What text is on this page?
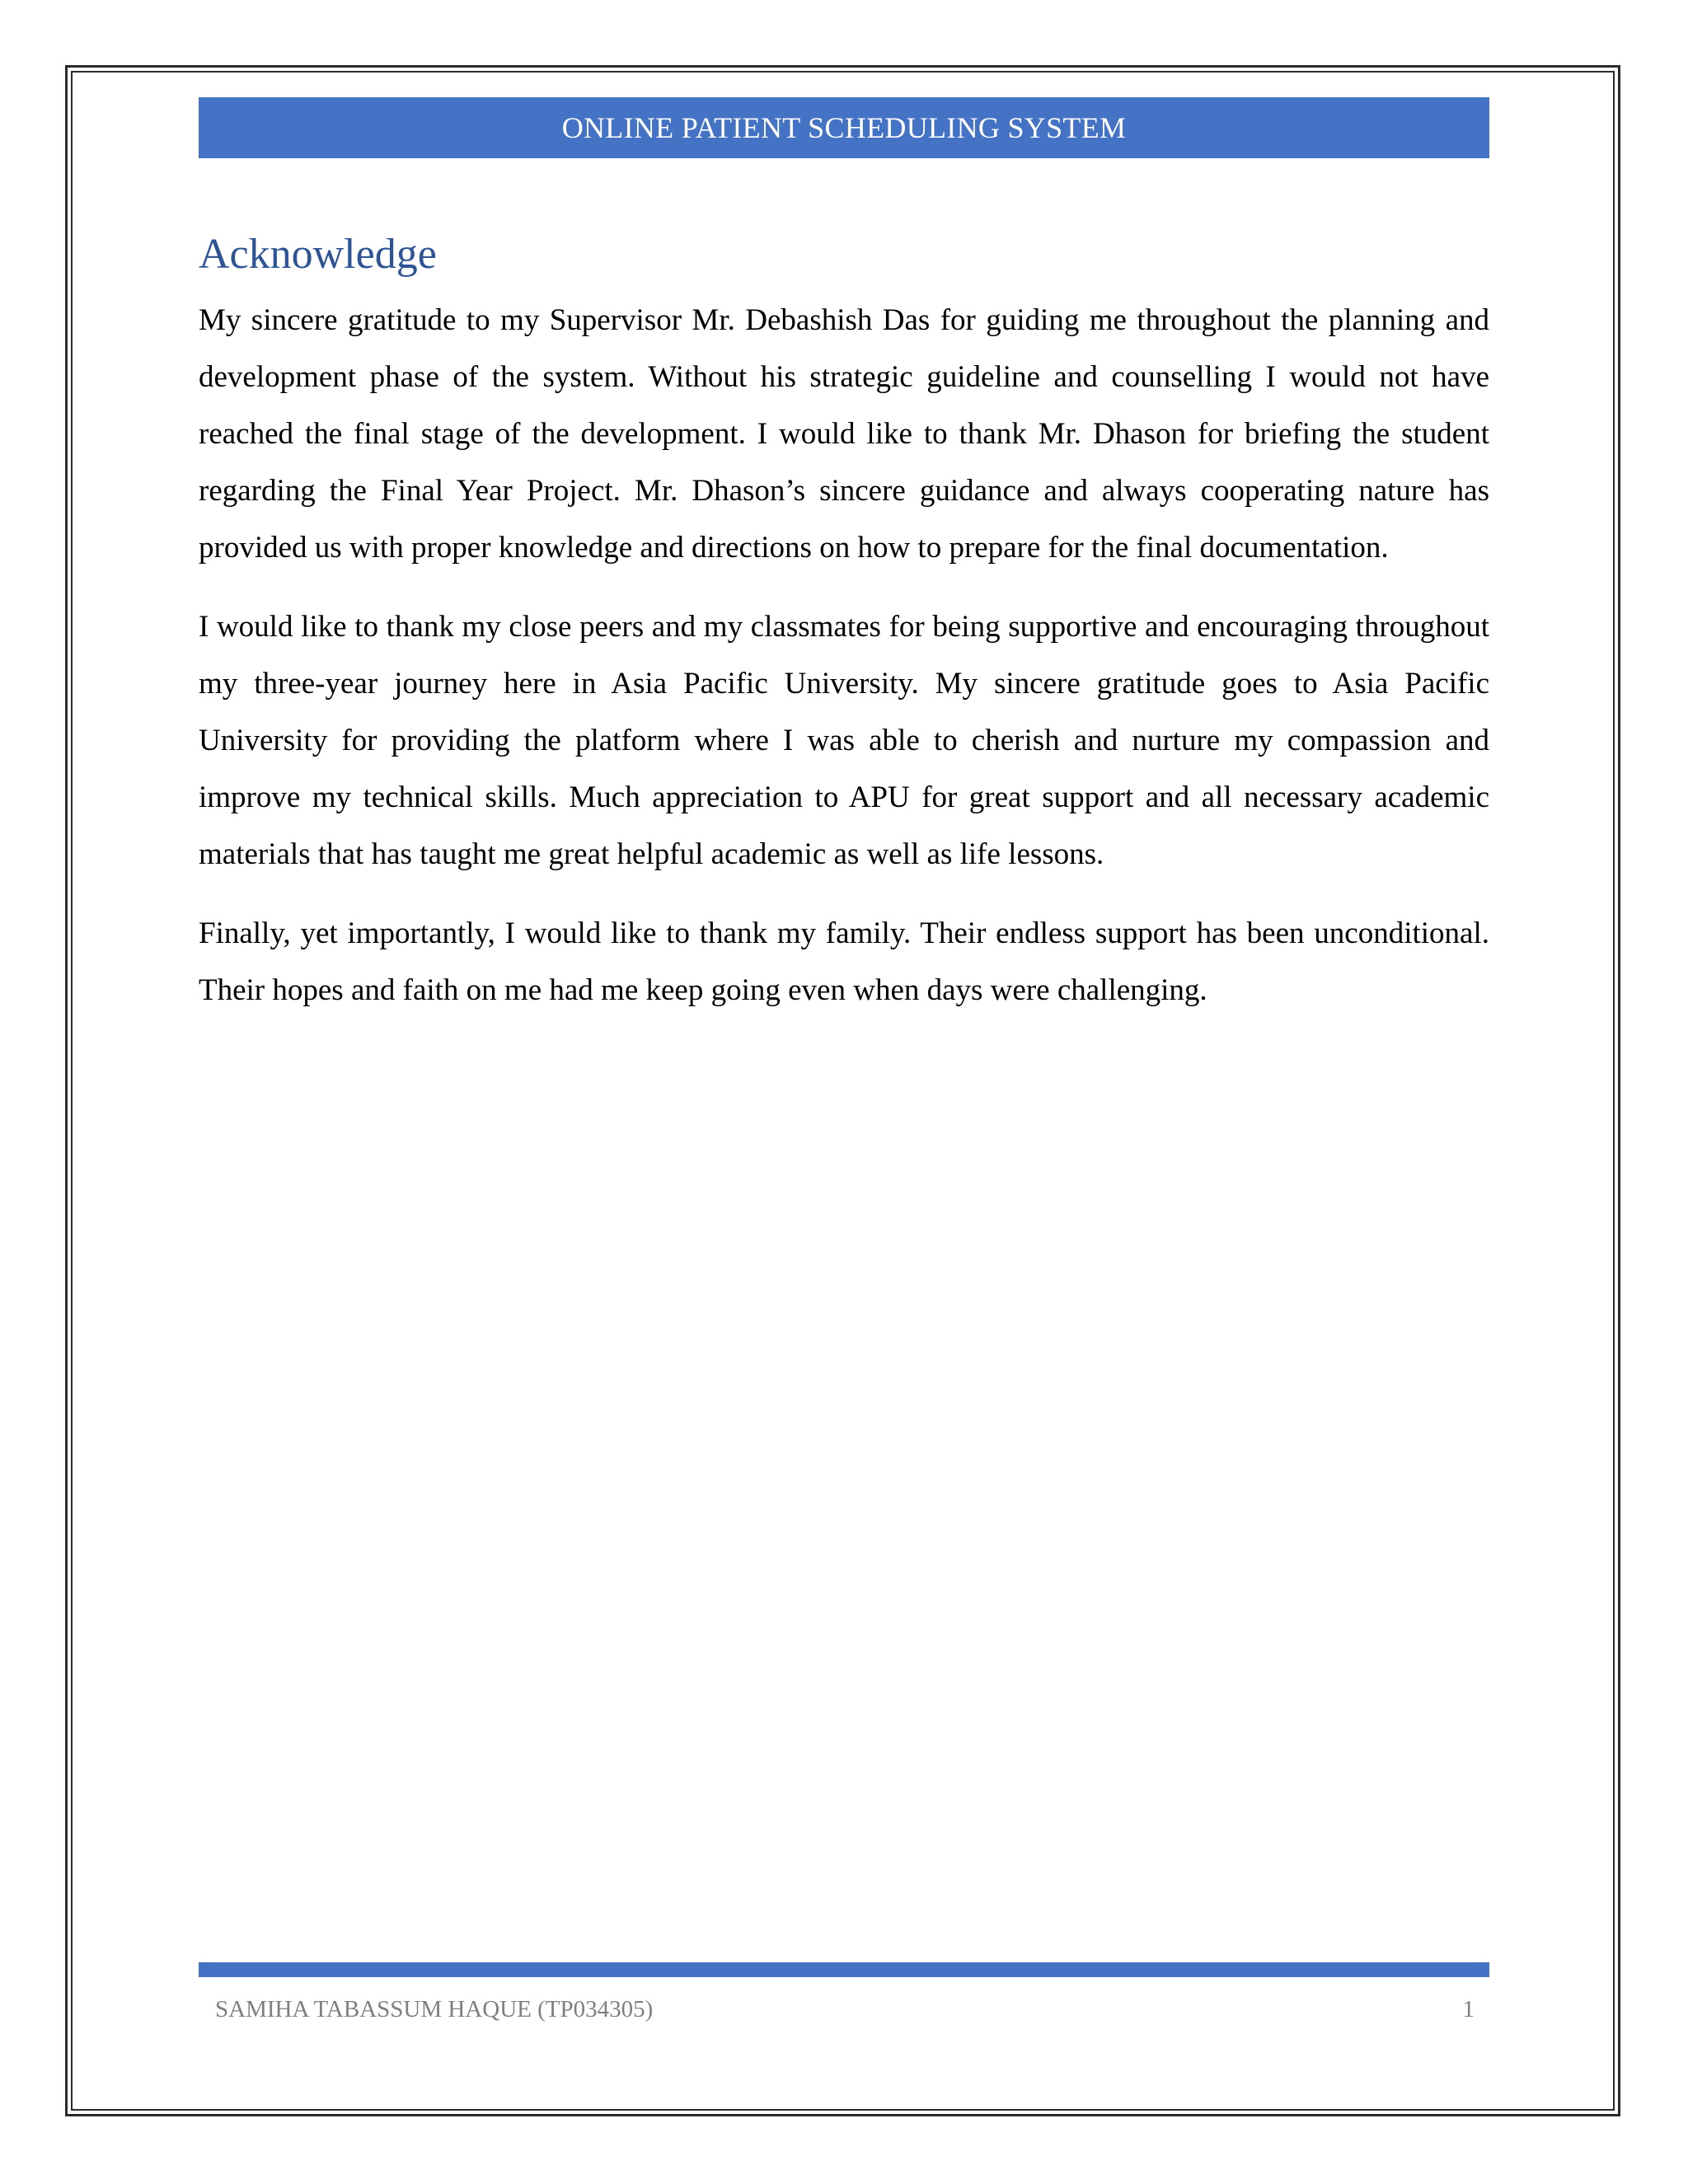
ONLINE PATIENT SCHEDULING SYSTEM
Acknowledge

My sincere gratitude to my Supervisor Mr. Debashish Das for guiding me throughout the planning and development phase of the system. Without his strategic guideline and counselling I would not have reached the final stage of the development. I would like to thank Mr. Dhason for briefing the student regarding the Final Year Project. Mr. Dhason’s sincere guidance and always cooperating nature has provided us with proper knowledge and directions on how to prepare for the final documentation.

I would like to thank my close peers and my classmates for being supportive and encouraging throughout my three-year journey here in Asia Pacific University. My sincere gratitude goes to Asia Pacific University for providing the platform where I was able to cherish and nurture my compassion and improve my technical skills. Much appreciation to APU for great support and all necessary academic materials that has taught me great helpful academic as well as life lessons.

Finally, yet importantly, I would like to thank my family. Their endless support has been unconditional. Their hopes and faith on me had me keep going even when days were challenging.

SAMIHA TABASSUM HAQUE (TP034305)	1
